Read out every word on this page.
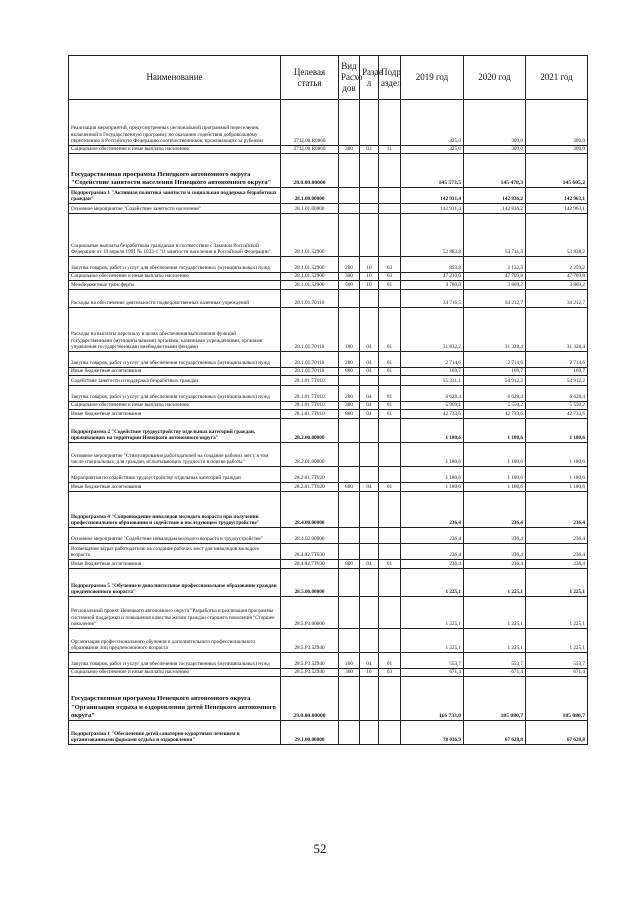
Наименование	Целевая статья	Вид Расхо дов	Разде л	Подр аздел	2019 год	2020 год	2021 год
Реализация мероприятий, предусмотренных региональной программой переселения, включенной в Государственную программу по оказанию содействия добровольному переселению в Российскую Федерацию соотечественников, проживающих за рубежом	27.Ц.00.R0860				325,0	300,0	300,0
Социальное обеспечение и иные выплаты населению	27.Ц.00.R0860	300	03	11	325,0	300,0	300,0
Государственная программа Ненецкого автономного округа "Содействие занятости населения Ненецкого автономного округа"	28.0.00.00000				145 573,5	145 478,3	145 605,2
Подпрограмма 1 "Активная политика занятости и социальная поддержка безработных граждан"	28.1.00.00000				142 931,4	142 836,2	142 963,1
Основное мероприятие "Содействие занятости населения"	28.1.01.00000				142 931,4	142 836,2	142 963,1
Социальные выплаты безработным гражданам в соответствии с Законом Российской Федерации от 19 апреля 1991 № 1032-1 "О занятости населения в Российской Федерации"	28.1.01.52900				52 883,8	53 711,3	53 838,2
Закупка товаров, работ и услуг для обеспечения государственных (муниципальных) нужд	28.1.01.52900	200	10	03	893,8	2 132,3	2 259,2
Социальное обеспечение и иные выплаты населению	28.1.01.52900	300	10	03	47 210,0	47 709,8	47 709,8
Межбюджетные трансферты	28.1.01.52900	500	10	01	4 780,0	3 869,2	3 869,2
Расходы на обеспечение деятельности подведомственных казенных учреждений	28.1.01.70110				34 716,5	34 212,7	34 212,7
Расходы на выплаты персоналу в целях обеспечения выполнения функций государственными (муниципальными) органами, казенными учреждениями, органами управления государственными внебюджетными фондами	28.1.01.70110	100	04	01	31 832,2	31 328,4	31 328,4
Закупка товаров, работ и услуг для обеспечения государственных (муниципальных) нужд	28.1.01.70110	200	04	01	2 714,6	2 714,6	2 714,6
Иные бюджетные ассигнования	28.1.01.70110	800	04	01	169,7	169,7	169,7
Содействие занятости и поддержка безработных граждан	28.1.01.7Т010				55 331,1	54 912,2	54 912,2
Закупка товаров, работ и услуг для обеспечения государственных (муниципальных) нужд	28.1.01.7Т010	200	04	01	6 628,4	6 628,4	6 628,4
Социальное обеспечение и иные выплаты населению	28.1.01.7Т010	300	04	01	5 969,1	5 550,2	5 550,2
Иные бюджетные ассигнования	28.1.01.7Т010	800	04	01	42 733,6	42 733,6	42 733,6
Подпрограмма 2 "Содействие трудоустройству отдельных категорий граждан, проживающих на территории Ненецкого автономного округа"	28.2.00.00000				1 180,6	1 180,6	1 180,6
Основное мероприятие "Стимулирование работодателей на создание рабочих мест, в том числе специальных, для граждан, испытывающих трудности в поиске работы"	28.2.01.00000				1 180,6	1 180,6	1 180,6
Мероприятия по содействию трудоустройству отдельных категорий граждан	28.2.01.7Т020				1 180,6	1 180,6	1 180,6
Иные бюджетные ассигнования	28.2.01.7Т020	800	04	01	1 180,6	1 180,6	1 180,6
Подпрограмма 4 "Сопровождение инвалидов молодого возраста при получении профессионального образования и содействие в последующем трудоустройстве"	28.4.00.00000				236,4	236,4	236,4
Основное мероприятие "Содействие инвалидам молодого возраста в трудоустройстве"	28.4.02.00000				236,4	236,4	236,4
Возмещение затрат работодателю на создание рабочих мест для инвалидов молодого возраста	28.4.02.7Т030				236,4	236,4	236,4
Иные бюджетные ассигнования	28.4.02.7Т030	800	04	01	236,4	236,4	236,4
Подпрограмма 5 "Обучение и дополнительное профессиональное образование граждан предпенсионного возраста"	28.5.00.00000				1 225,1	1 225,1	1 225,1
Региональный проект Ненецкого автономного округа "Разработка и реализация программы системной поддержки и повышения качества жизни граждан старшего поколения "Старшее поколение"	28.5.P3.00000				1 225,1	1 225,1	1 225,1
Организация профессионального обучения и дополнительного профессионального образования лиц предпенсионного возраста	28.5.P3.52940				1 225,1	1 225,1	1 225,1
Закупка товаров, работ и услуг для обеспечения государственных (муниципальных) нужд	28.5.P3.52940	200	04	01	553,7	553,7	553,7
Социальное обеспечение и иные выплаты населению	28.5.P3.52940	300	10	03	671,4	671,4	671,4
Государственная программа Ненецкого автономного округа "Организация отдыха и оздоровления детей Ненецкого автономного округа"	29.0.00.00000				116 733,0	105 080,7	105 080,7
Подпрограмма 1 "Обеспечение детей санаторно-курортным лечением и организованными формами отдыха и оздоровления"	29.1.00.00000				78 036,9	67 628,8	67 628,8
52
